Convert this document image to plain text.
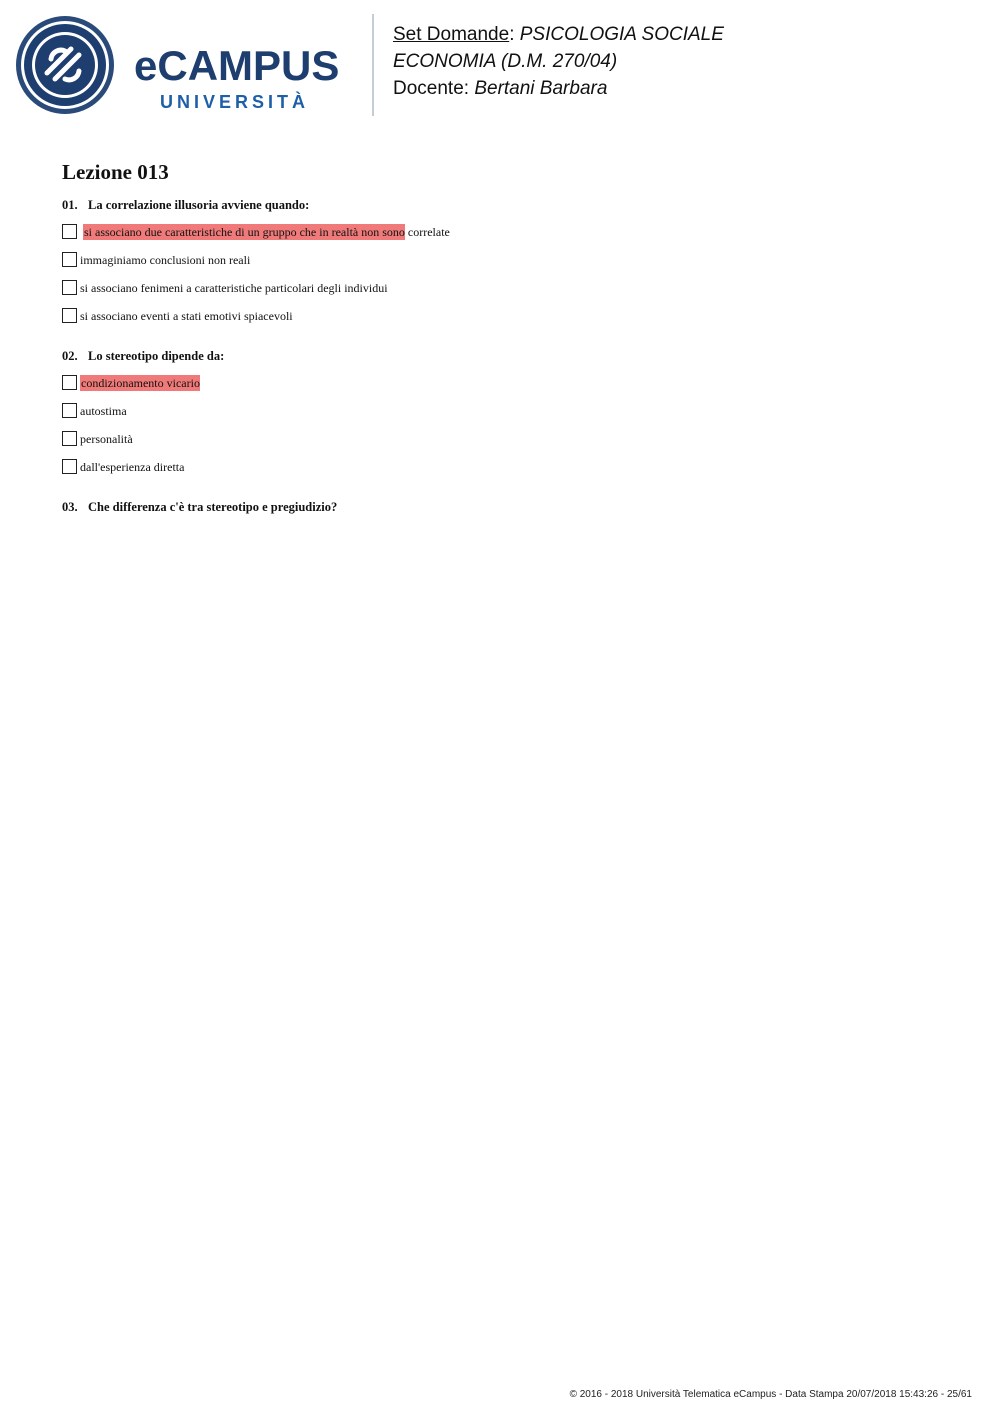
eCAMPUS
UNIVERSITÀ
Set Domande: PSICOLOGIA SOCIALE
ECONOMIA (D.M. 270/04)
Docente: Bertani Barbara
Lezione 013
01. La correlazione illusoria avviene quando:
si associano due caratteristiche di un gruppo che in realtà non sono correlate
immaginiamo conclusioni non reali
si associano fenimeni a caratteristiche particolari degli individui
si associano eventi a stati emotivi spiacevoli
02. Lo stereotipo dipende da:
condizionamento vicario
autostima
personalità
dall'esperienza diretta
03. Che differenza c'è tra stereotipo e pregiudizio?
© 2016 - 2018 Università Telematica eCampus - Data Stampa 20/07/2018 15:43:26 - 25/61
